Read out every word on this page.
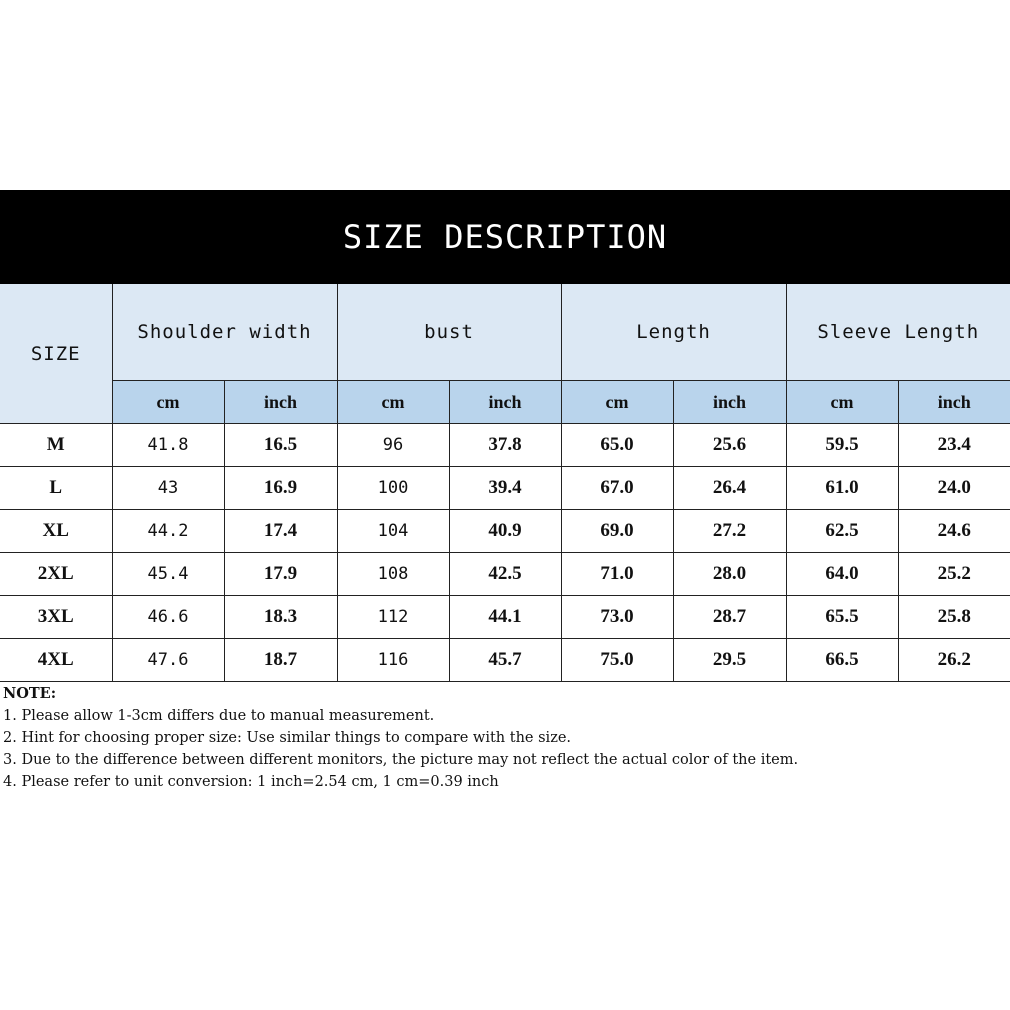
SIZE DESCRIPTION
SIZE	Shoulder width		bust		Length		Sleeve Length	
	cm	inch	cm	inch	cm	inch	cm	inch
M	41.8	16.5	96	37.8	65.0	25.6	59.5	23.4
L	43	16.9	100	39.4	67.0	26.4	61.0	24.0
XL	44.2	17.4	104	40.9	69.0	27.2	62.5	24.6
2XL	45.4	17.9	108	42.5	71.0	28.0	64.0	25.2
3XL	46.6	18.3	112	44.1	73.0	28.7	65.5	25.8
4XL	47.6	18.7	116	45.7	75.0	29.5	66.5	26.2
NOTE:
1. Please allow 1-3cm differs due to manual measurement.
2. Hint for choosing proper size: Use similar things to compare with the size.
3. Due to the difference between different monitors, the picture may not reflect the actual color of the item.
4. Please refer to unit conversion: 1 inch=2.54 cm, 1 cm=0.39 inch
